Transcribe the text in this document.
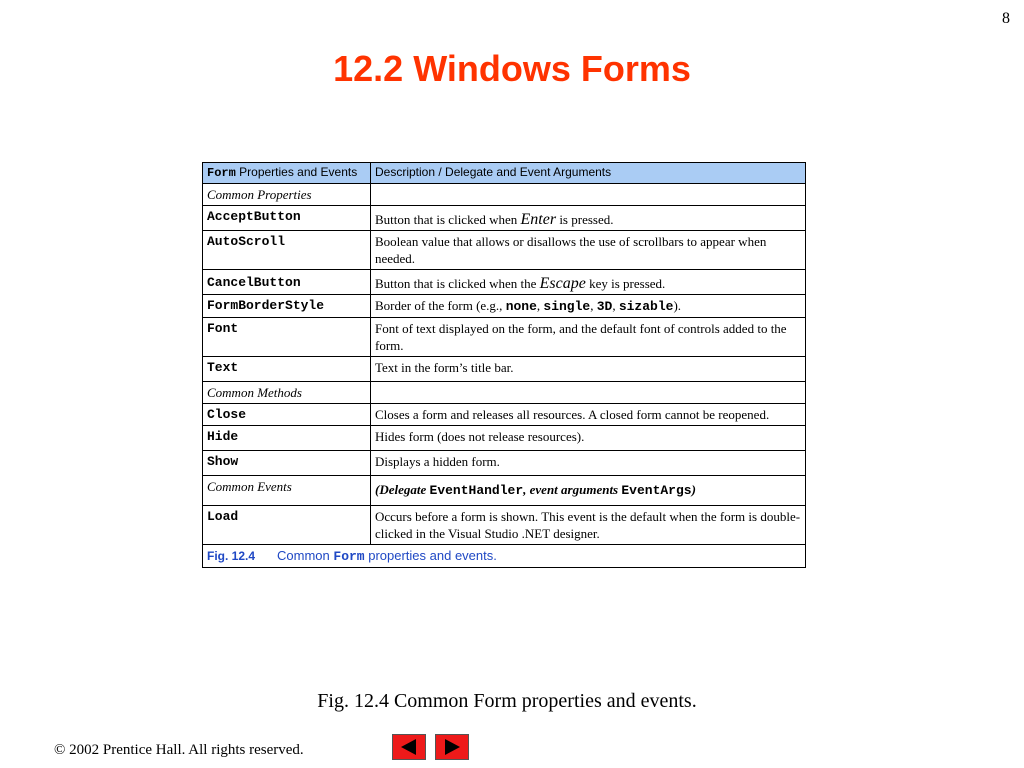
8
12.2 Windows Forms
Form Properties and Events	Description / Delegate and Event Arguments
Common Properties	
AcceptButton	Button that is clicked when Enter is pressed.
AutoScroll	Boolean value that allows or disallows the use of scrollbars to appear when needed.
CancelButton	Button that is clicked when the Escape key is pressed.
FormBorderStyle	Border of the form (e.g., none, single, 3D, sizable).
Font	Font of text displayed on the form, and the default font of controls added to the form.
Text	Text in the form’s title bar.
Common Methods	
Close	Closes a form and releases all resources. A closed form cannot be reopened.
Hide	Hides form (does not release resources).
Show	Displays a hidden form.
Common Events	(Delegate EventHandler, event arguments EventArgs)
Load	Occurs before a form is shown. This event is the default when the form is double-clicked in the Visual Studio .NET designer.
Fig. 12.4 Common Form properties and events.	
Fig. 12.4 Common Form properties and events.
© 2002 Prentice Hall. All rights reserved.
